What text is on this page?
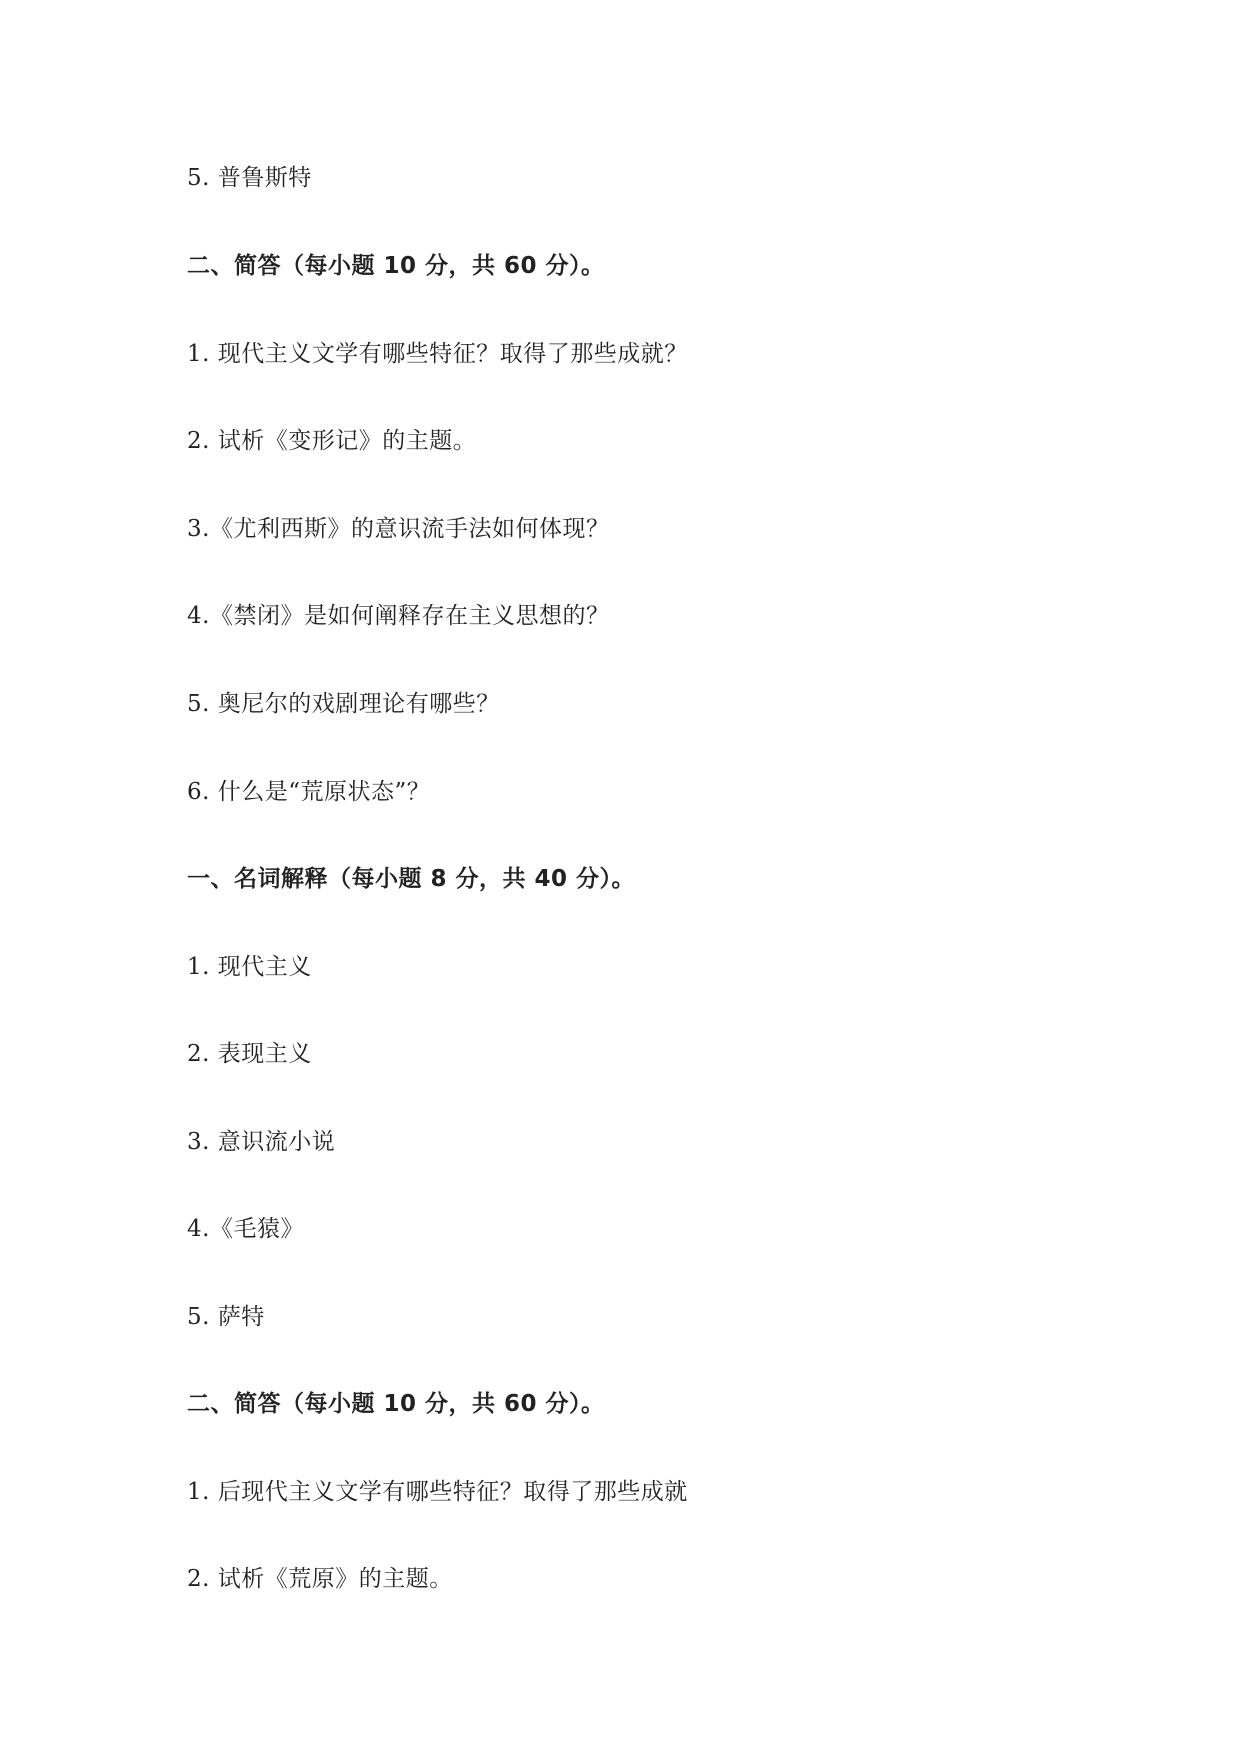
5. 普鲁斯特
二、简答（每小题 10 分，共 60 分）。
1. 现代主义文学有哪些特征？取得了那些成就？
2. 试析《变形记》的主题。
3.《尤利西斯》的意识流手法如何体现？
4.《禁闭》是如何阐释存在主义思想的？
5. 奥尼尔的戏剧理论有哪些？
6. 什么是“荒原状态”？
一、名词解释（每小题 8 分，共 40 分）。
1. 现代主义
2. 表现主义
3. 意识流小说
4.《毛猿》
5. 萨特
二、简答（每小题 10 分，共 60 分）。
1. 后现代主义文学有哪些特征？取得了那些成就
2. 试析《荒原》的主题。
